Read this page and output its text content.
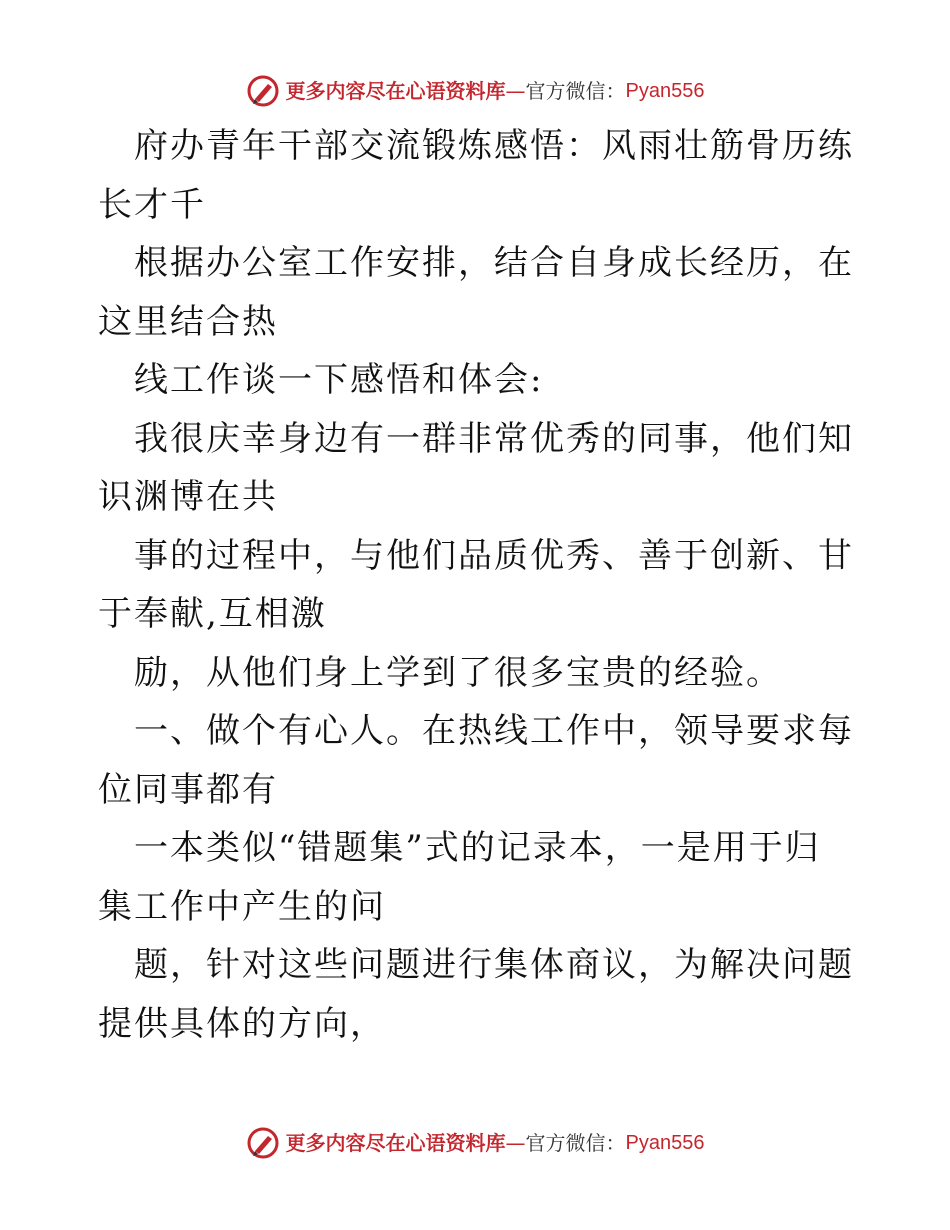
更多内容尽在心语资料库 — 官方微信： Pyan556

府办青年干部交流锻炼感悟：风雨壮筋骨历练长才千

根据办公室工作安排，结合自身成长经历，在这里结合热

线工作谈一下感悟和体会:

我很庆幸身边有一群非常优秀的同事，他们知识渊博在共

事的过程中，与他们品质优秀、善于创新、甘于奉献,互相激

励，从他们身上学到了很多宝贵的经验。

一、做个有心人。在热线工作中，领导要求每位同事都有

一本类似“错题集”式的记录本，一是用于归集工作中产生的问

题，针对这些问题进行集体商议，为解决问题提供具体的方向，

更多内容尽在心语资料库 — 官方微信： Pyan556
